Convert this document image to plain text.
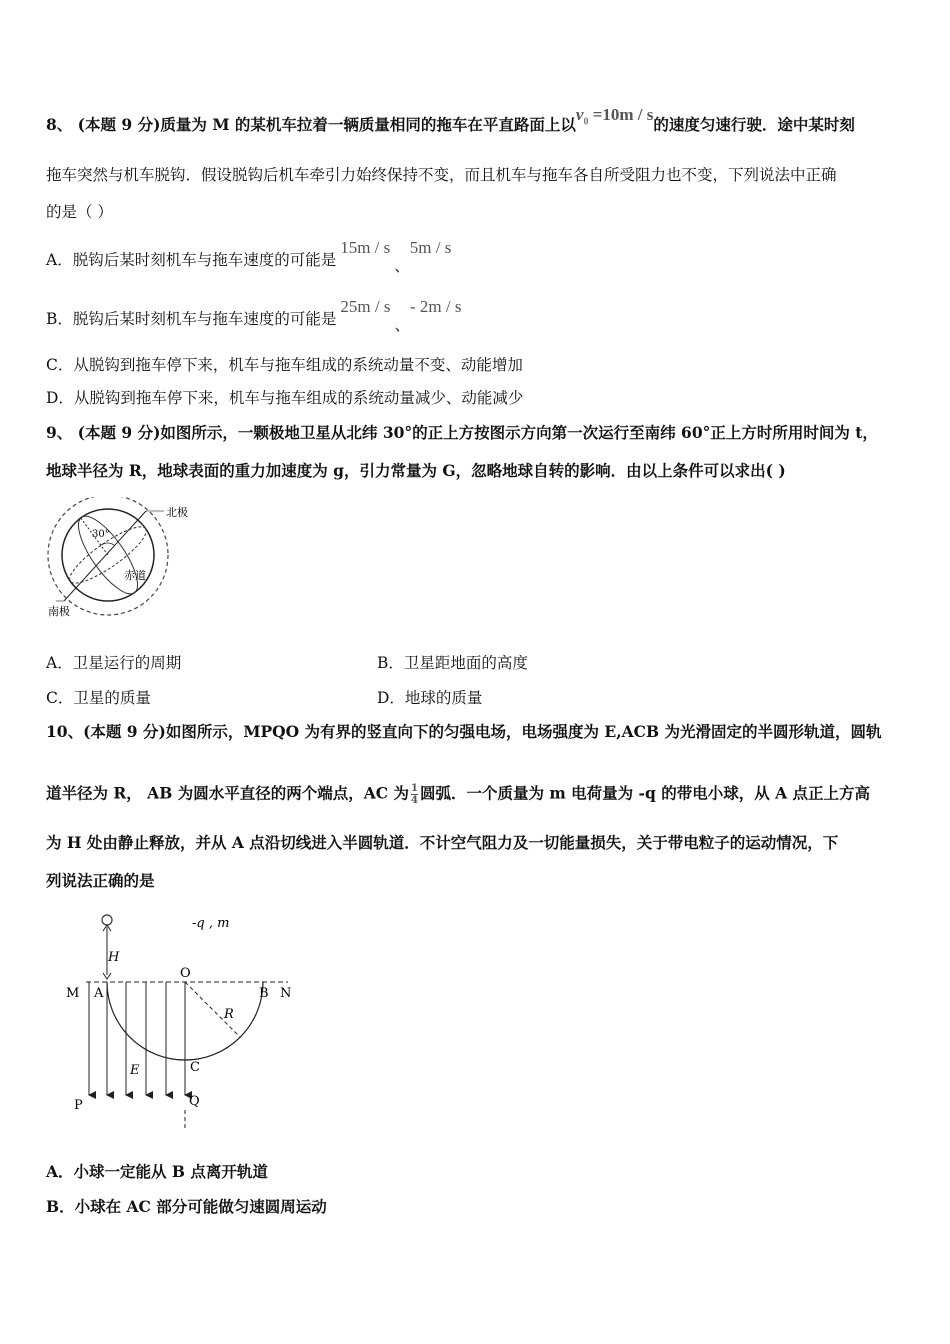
8、 (本题 9 分)质量为 M 的某机车拉着一辆质量相同的拖车在平直路面上以$v_0 =10m / s$的速度匀速行驶．途中某时刻
拖车突然与机车脱钩．假设脱钩后机车牵引力始终保持不变，而且机车与拖车各自所受阻力也不变，下列说法中正确
的是（ ）
A．脱钩后某时刻机车与拖车速度的可能是15m / s、5m / s
B．脱钩后某时刻机车与拖车速度的可能是25m / s、- 2m / s
C．从脱钩到拖车停下来，机车与拖车组成的系统动量不变、动能增加
D．从脱钩到拖车停下来，机车与拖车组成的系统动量减少、动能减少
9、 (本题 9 分)如图所示，一颗极地卫星从北纬 30°的正上方按图示方向第一次运行至南纬 60°正上方时所用时间为 t，
地球半径为 R，地球表面的重力加速度为 g，引力常量为 G，忽略地球自转的影响．由以上条件可以求出( )
北极
南极
赤道
30°
A．卫星运行的周期	B．卫星距地面的高度
C．卫星的质量	D．地球的质量
10、(本题 9 分)如图所示，MPQO 为有界的竖直向下的匀强电场，电场强度为 E,ACB 为光滑固定的半圆形轨道，圆轨
道半径为 R， AB 为圆水平直径的两个端点，AC 为 $\frac{1}{4}$ 圆弧．一个质量为 m 电荷量为 -q 的带电小球，从 A 点正上方高
为 H 处由静止释放，并从 A 点沿切线进入半圆轨道．不计空气阻力及一切能量损失，关于带电粒子的运动情况，下
列说法正确的是
H
-q , m
M A
O
B N
R
E	C
P	Q
A．小球一定能从 B 点离开轨道
B．小球在 AC 部分可能做匀速圆周运动
